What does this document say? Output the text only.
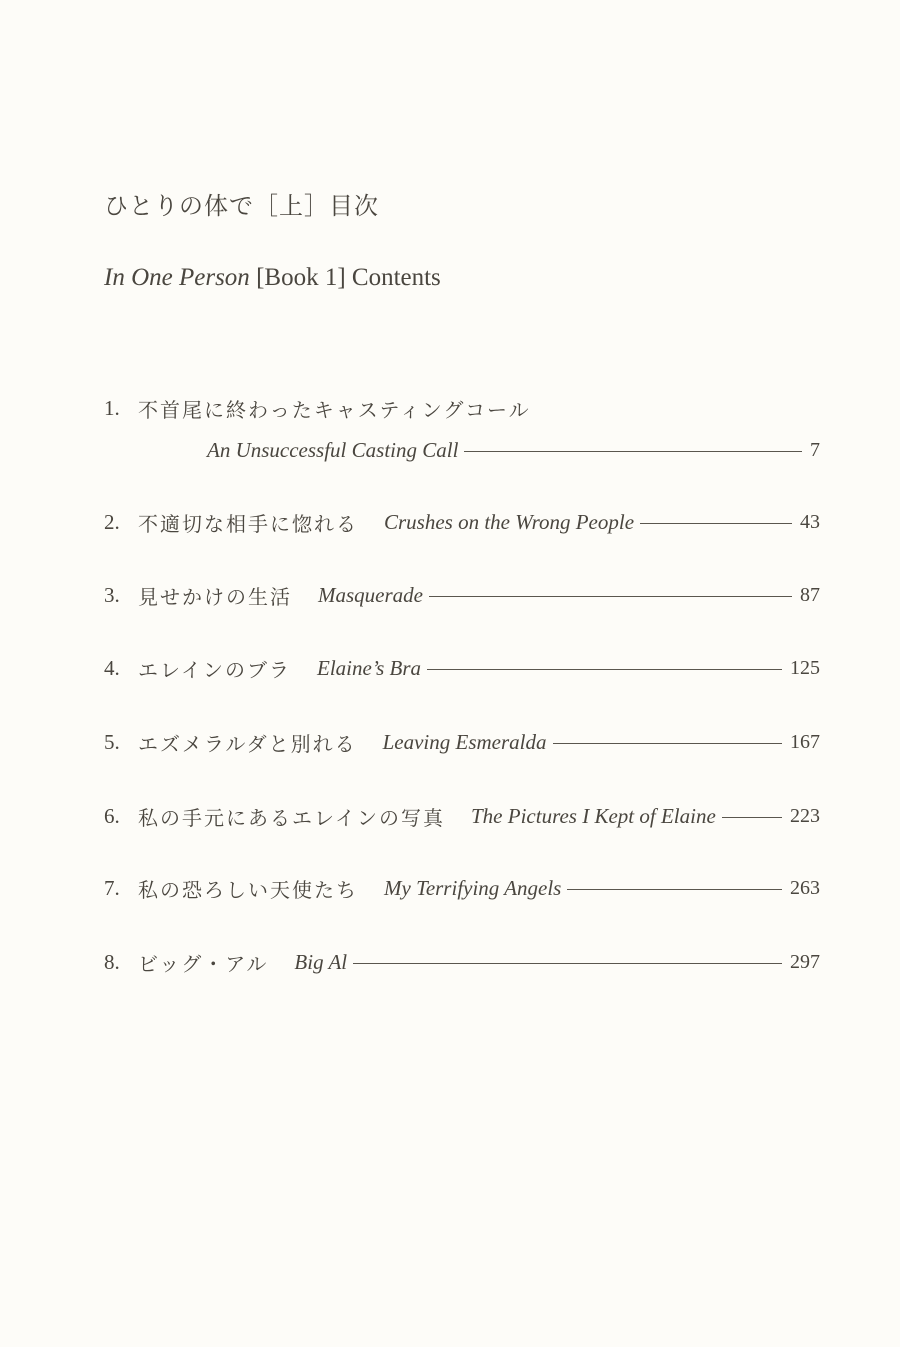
ひとりの体で［上］目次
In One Person [Book 1] Contents
1. 不首尾に終わったキャスティングコール
An Unsuccessful Casting Call	7
2. 不適切な相手に惚れる Crushes on the Wrong People	43
3. 見せかけの生活 Masquerade	87
4. エレインのブラ Elaine’s Bra	125
5. エズメラルダと別れる Leaving Esmeralda	167
6. 私の手元にあるエレインの写真 The Pictures I Kept of Elaine	223
7. 私の恐ろしい天使たち My Terrifying Angels	263
8. ビッグ・アル Big Al	297
